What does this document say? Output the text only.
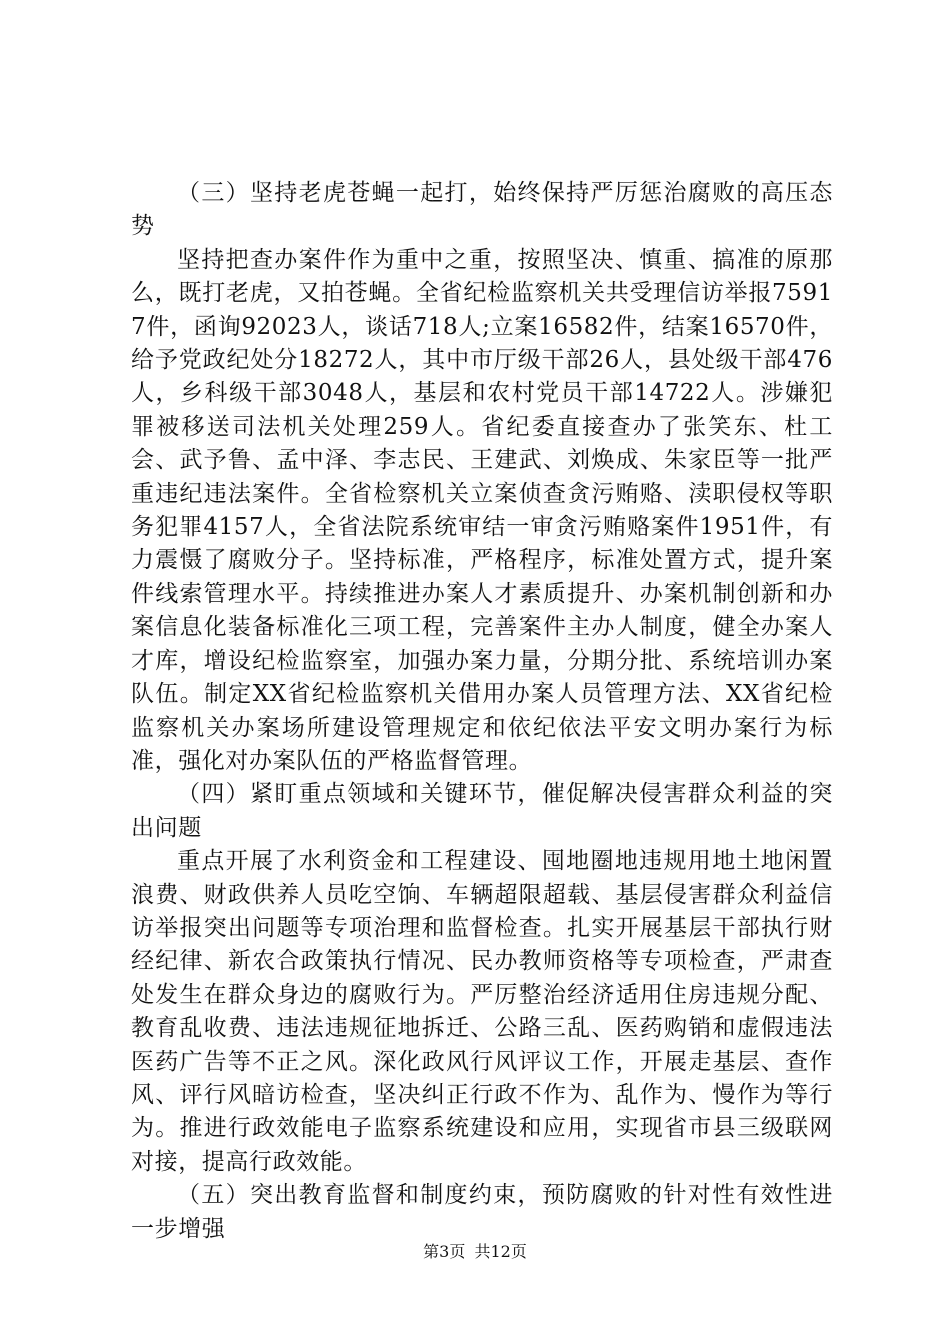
（三）坚持老虎苍蝇一起打，始终保持严厉惩治腐败的高压态势

坚持把查办案件作为重中之重，按照坚决、慎重、搞准的原那么，既打老虎，又拍苍蝇。全省纪检监察机关共受理信访举报75917件，函询92023人，谈话718人;立案16582件，结案16570件，给予党政纪处分18272人，其中市厅级干部26人，县处级干部476人，乡科级干部3048人，基层和农村党员干部14722人。涉嫌犯罪被移送司法机关处理259人。省纪委直接查办了张笑东、杜工会、武予鲁、孟中泽、李志民、王建武、刘焕成、朱家臣等一批严重违纪违法案件。全省检察机关立案侦查贪污贿赂、渎职侵权等职务犯罪4157人，全省法院系统审结一审贪污贿赂案件1951件，有力震慑了腐败分子。坚持标准，严格程序，标准处置方式，提升案件线索管理水平。持续推进办案人才素质提升、办案机制创新和办案信息化装备标准化三项工程，完善案件主办人制度，健全办案人才库，增设纪检监察室，加强办案力量，分期分批、系统培训办案队伍。制定XX省纪检监察机关借用办案人员管理方法、XX省纪检监察机关办案场所建设管理规定和依纪依法平安文明办案行为标准，强化对办案队伍的严格监督管理。

（四）紧盯重点领域和关键环节，催促解决侵害群众利益的突出问题

重点开展了水利资金和工程建设、囤地圈地违规用地土地闲置浪费、财政供养人员吃空饷、车辆超限超载、基层侵害群众利益信访举报突出问题等专项治理和监督检查。扎实开展基层干部执行财经纪律、新农合政策执行情况、民办教师资格等专项检查，严肃查处发生在群众身边的腐败行为。严厉整治经济适用住房违规分配、教育乱收费、违法违规征地拆迁、公路三乱、医药购销和虚假违法医药广告等不正之风。深化政风行风评议工作，开展走基层、查作风、评行风暗访检查，坚决纠正行政不作为、乱作为、慢作为等行为。推进行政效能电子监察系统建设和应用，实现省市县三级联网对接，提高行政效能。

（五）突出教育监督和制度约束，预防腐败的针对性有效性进一步增强

第3页 共12页
